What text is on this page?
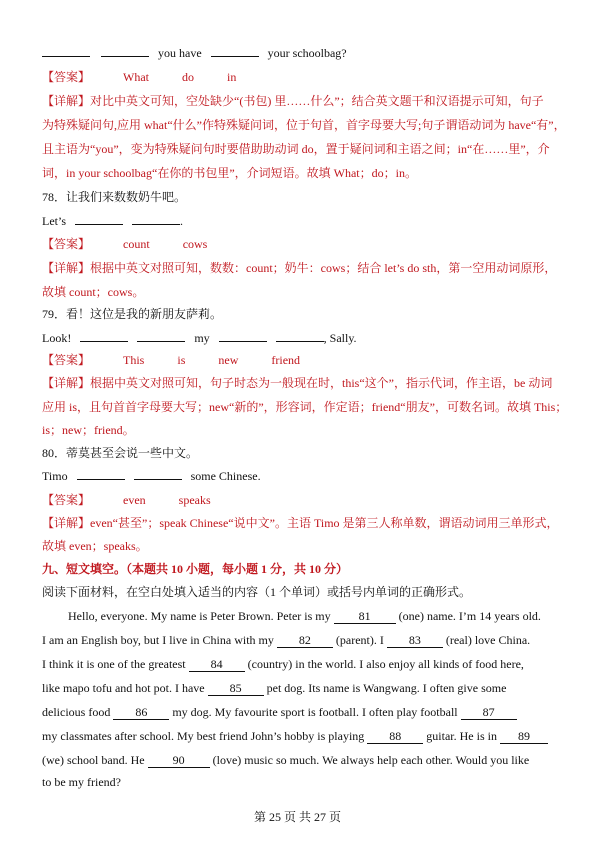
you have	your schoolbag?
【答案】	What	do	in
【详解】对比中英文可知，空处缺少“(书包) 里……什么”；结合英文题干和汉语提示可知，句子
为特殊疑问句,应用 what“什么”作特殊疑问词，位于句首，首字母要大写;句子谓语动词为 have“有”，
且主语为“you”，变为特殊疑问句时要借助助动词 do，置于疑问词和主语之间；in“在……里”，介
词，in your schoolbag“在你的书包里”，介词短语。故填 What；do；in。
78．让我们来数数奶牛吧。
Let’s	.
【答案】	count	cows
【详解】根据中英文对照可知，数数：count；奶牛：cows；结合 let’s do sth，第一空用动词原形，
故填 count；cows。
79．看！这位是我的新朋友萨莉。
Look!	my	, Sally.
【答案】	This	is	new	friend
【详解】根据中英文对照可知，句子时态为一般现在时，this“这个”，指示代词，作主语，be 动词
应用 is，且句首首字母要大写；new“新的”，形容词，作定语；friend“朋友”，可数名词。故填 This；
is；new；friend。
80．蒂莫甚至会说一些中文。
Timo	some Chinese.
【答案】	even	speaks
【详解】even“甚至”；speak Chinese“说中文”。主语 Timo 是第三人称单数，谓语动词用三单形式，
故填 even；speaks。
九、短文填空。（本题共 10 小题，每小题 1 分，共 10 分）
阅读下面材料，在空白处填入适当的内容（1 个单词）或括号内单词的正确形式。
Hello, everyone. My name is Peter Brown. Peter is my 81 (one) name. I’m 14 years old.
I am an English boy, but I live in China with my 82 (parent). I 83 (real) love China.
I think it is one of the greatest 84 (country) in the world. I also enjoy all kinds of food here,
like mapo tofu and hot pot. I have 85 pet dog. Its name is Wangwang. I often give some
delicious food 86 my dog. My favourite sport is football. I often play football 87
my classmates after school. My best friend John’s hobby is playing 88 guitar. He is in 89
(we) school band. He 90 (love) music so much. We always help each other. Would you like
to be my friend?
第 25 页 共 27 页
